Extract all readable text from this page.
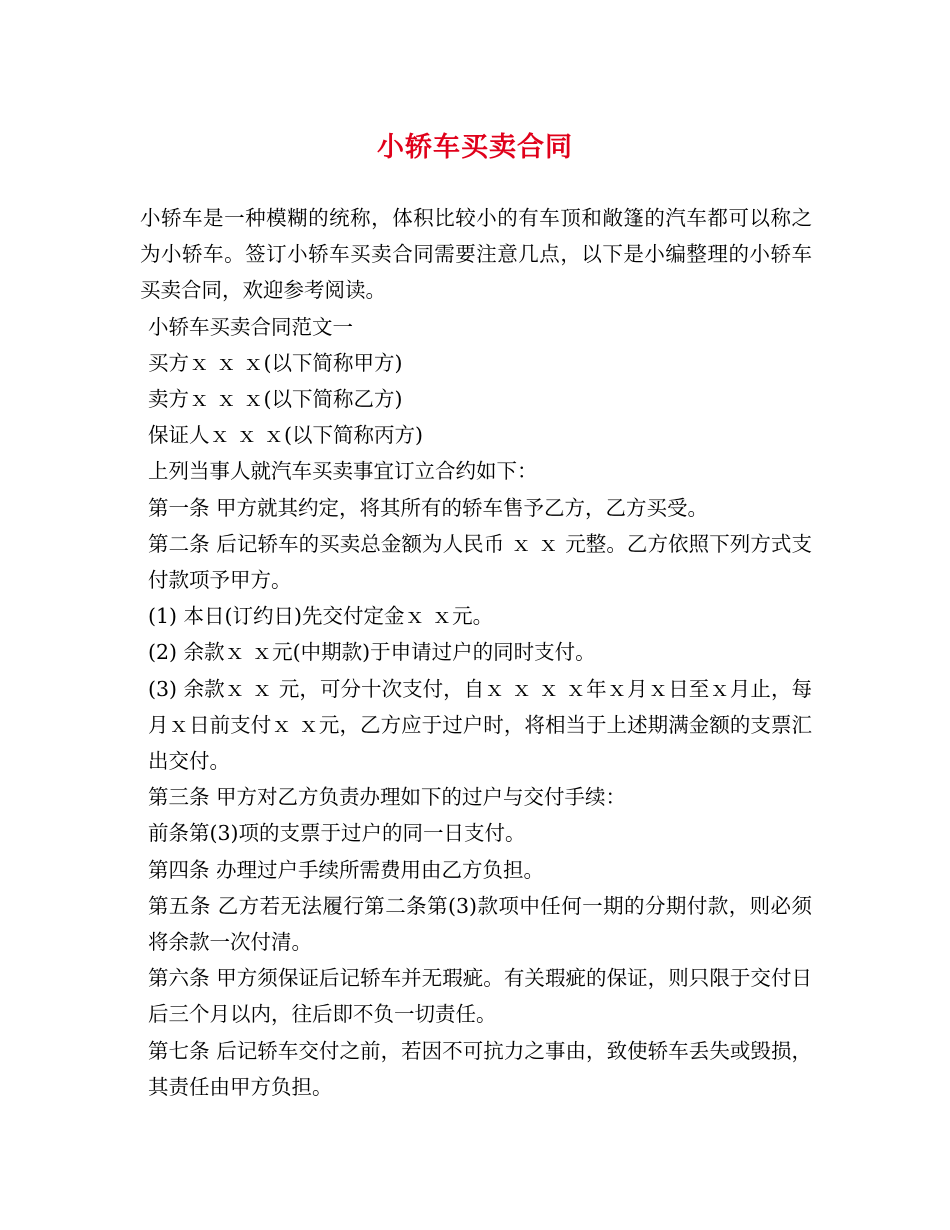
小轿车买卖合同

小轿车是一种模糊的统称，体积比较小的有车顶和敞篷的汽车都可以称之为小轿车。签订小轿车买卖合同需要注意几点，以下是小编整理的小轿车买卖合同，欢迎参考阅读。

小轿车买卖合同范文一

买方ｘ ｘ ｘ(以下简称甲方)

卖方ｘ ｘ ｘ(以下简称乙方)

保证人ｘ ｘ ｘ(以下简称丙方)

上列当事人就汽车买卖事宜订立合约如下：

第一条 甲方就其约定，将其所有的轿车售予乙方，乙方买受。

第二条 后记轿车的买卖总金额为人民币 ｘ ｘ 元整。乙方依照下列方式支付款项予甲方。

(1) 本日(订约日)先交付定金ｘ ｘ元。

(2) 余款ｘ ｘ元(中期款)于申请过户的同时支付。

(3) 余款ｘ ｘ 元，可分十次支付，自ｘ ｘ ｘ ｘ年ｘ月ｘ日至ｘ月止，每月ｘ日前支付ｘ ｘ元，乙方应于过户时，将相当于上述期满金额的支票汇出交付。

第三条 甲方对乙方负责办理如下的过户与交付手续：

前条第(3)项的支票于过户的同一日支付。

第四条 办理过户手续所需费用由乙方负担。

第五条 乙方若无法履行第二条第(3)款项中任何一期的分期付款，则必须将余款一次付清。

第六条 甲方须保证后记轿车并无瑕疵。有关瑕疵的保证，则只限于交付日后三个月以内，往后即不负一切责任。

第七条 后记轿车交付之前，若因不可抗力之事由，致使轿车丢失或毁损，其责任由甲方负担。
